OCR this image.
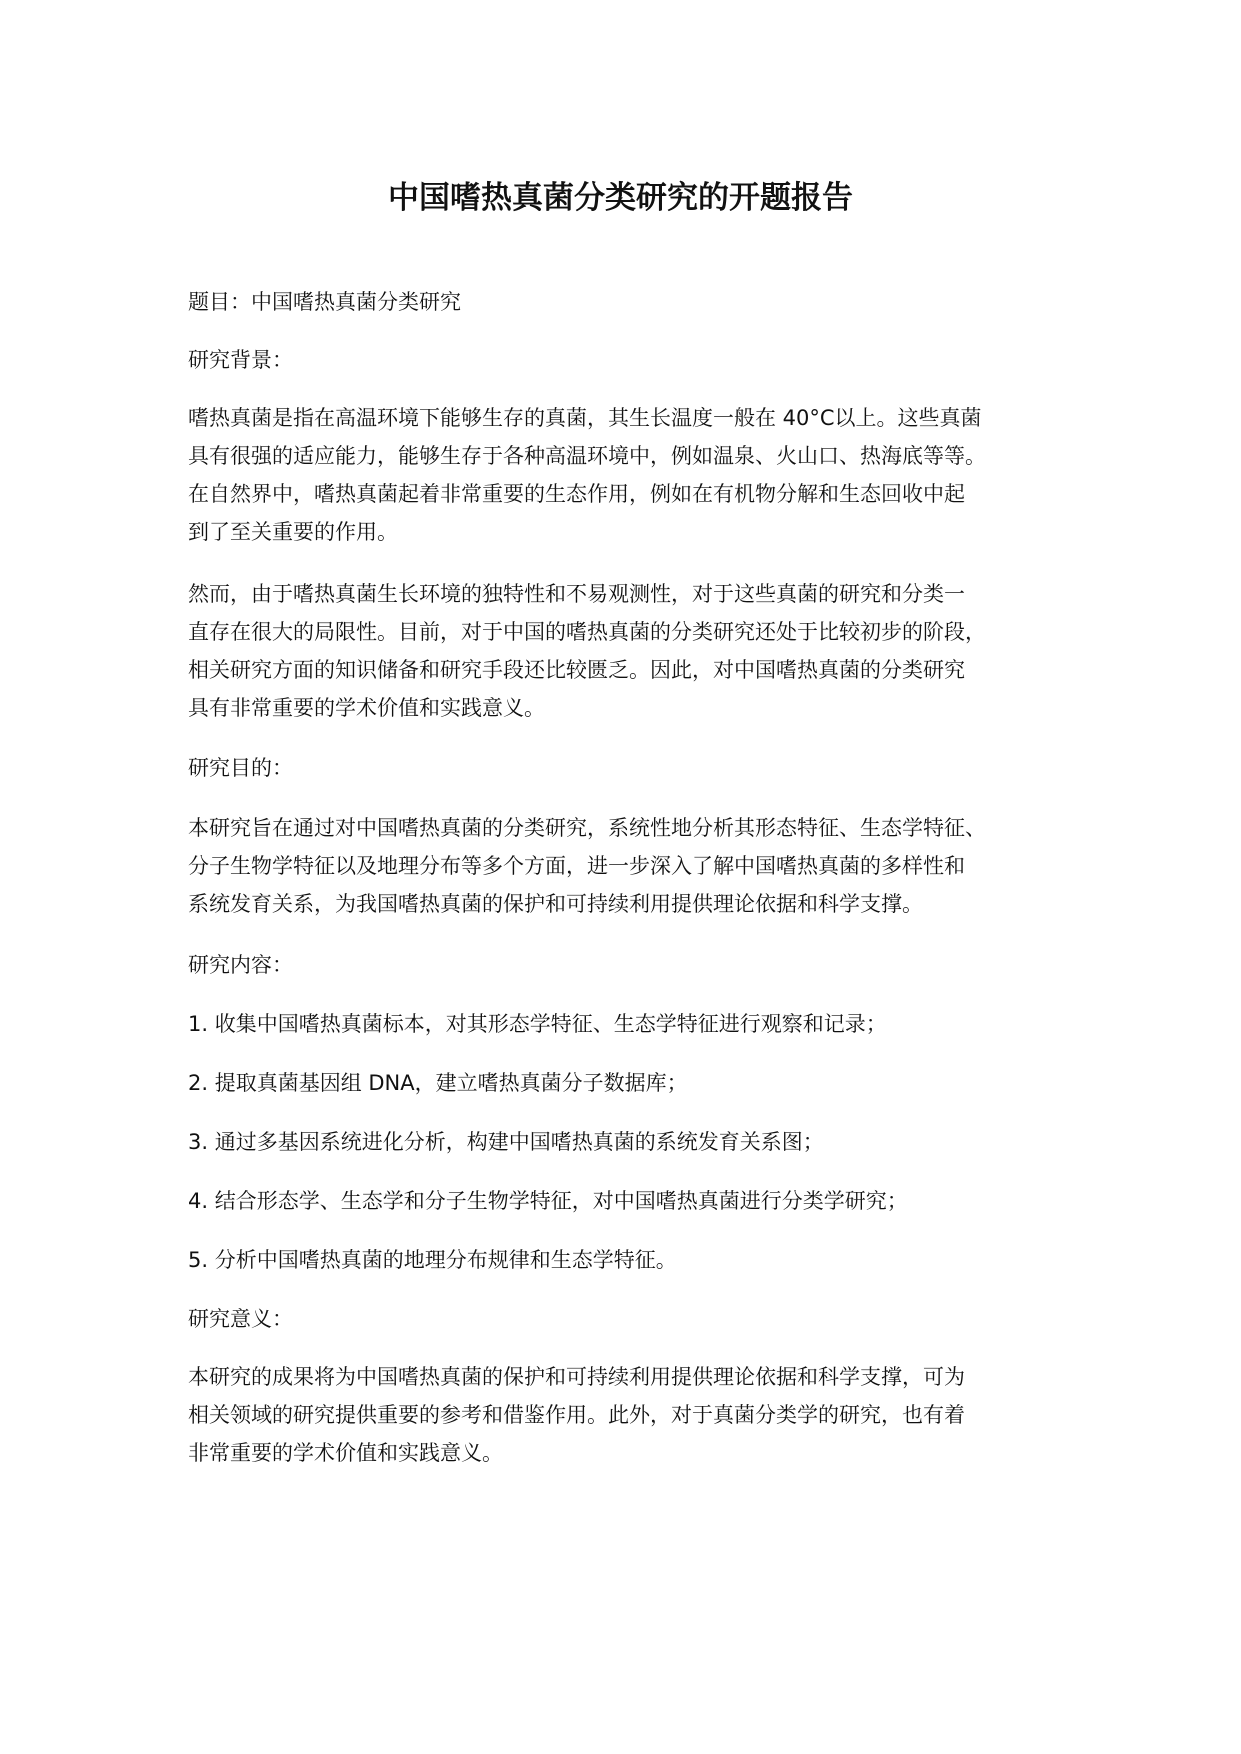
中国嗜热真菌分类研究的开题报告

题目：中国嗜热真菌分类研究

研究背景：

嗜热真菌是指在高温环境下能够生存的真菌，其生长温度一般在 40°C以上。这些真菌

具有很强的适应能力，能够生存于各种高温环境中，例如温泉、火山口、热海底等等。

在自然界中，嗜热真菌起着非常重要的生态作用，例如在有机物分解和生态回收中起

到了至关重要的作用。

然而，由于嗜热真菌生长环境的独特性和不易观测性，对于这些真菌的研究和分类一

直存在很大的局限性。目前，对于中国的嗜热真菌的分类研究还处于比较初步的阶段，

相关研究方面的知识储备和研究手段还比较匮乏。因此，对中国嗜热真菌的分类研究

具有非常重要的学术价值和实践意义。

研究目的：

本研究旨在通过对中国嗜热真菌的分类研究，系统性地分析其形态特征、生态学特征、

分子生物学特征以及地理分布等多个方面，进一步深入了解中国嗜热真菌的多样性和

系统发育关系，为我国嗜热真菌的保护和可持续利用提供理论依据和科学支撑。

研究内容：

1. 收集中国嗜热真菌标本，对其形态学特征、生态学特征进行观察和记录；

2. 提取真菌基因组 DNA，建立嗜热真菌分子数据库；

3. 通过多基因系统进化分析，构建中国嗜热真菌的系统发育关系图；

4. 结合形态学、生态学和分子生物学特征，对中国嗜热真菌进行分类学研究；

5. 分析中国嗜热真菌的地理分布规律和生态学特征。

研究意义：

本研究的成果将为中国嗜热真菌的保护和可持续利用提供理论依据和科学支撑，可为

相关领域的研究提供重要的参考和借鉴作用。此外，对于真菌分类学的研究，也有着

非常重要的学术价值和实践意义。
